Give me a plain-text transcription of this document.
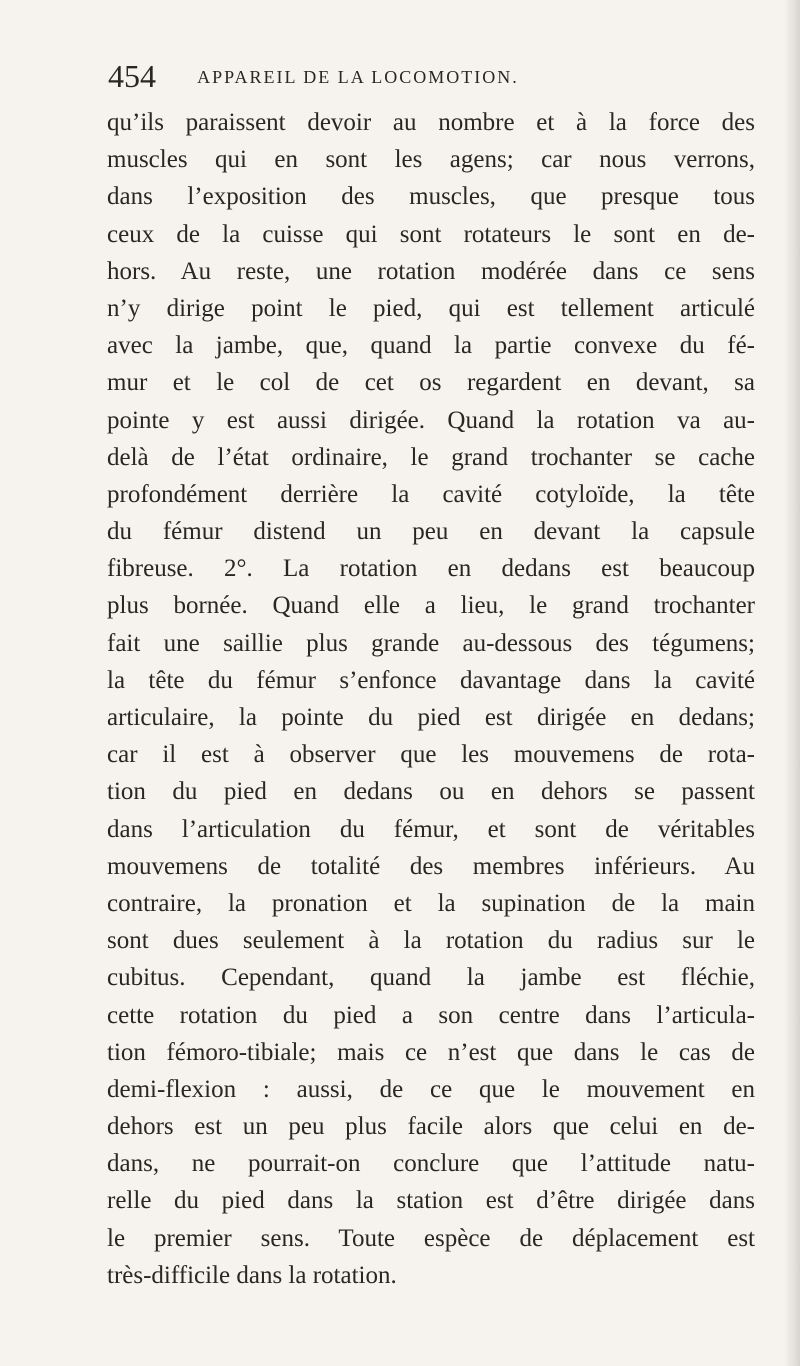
454 APPAREIL DE LA LOCOMOTION.
qu’ils paraissent devoir au nombre et à la force des
muscles qui en sont les agens; car nous verrons,
dans l’exposition des muscles, que presque tous
ceux de la cuisse qui sont rotateurs le sont en de-
hors. Au reste, une rotation modérée dans ce sens
n’y dirige point le pied, qui est tellement articulé
avec la jambe, que, quand la partie convexe du fé-
mur et le col de cet os regardent en devant, sa
pointe y est aussi dirigée. Quand la rotation va au-
delà de l’état ordinaire, le grand trochanter se cache
profondément derrière la cavité cotyloïde, la tête
du fémur distend un peu en devant la capsule
fibreuse. 2°. La rotation en dedans est beaucoup
plus bornée. Quand elle a lieu, le grand trochanter
fait une saillie plus grande au-dessous des tégumens;
la tête du fémur s’enfonce davantage dans la cavité
articulaire, la pointe du pied est dirigée en dedans;
car il est à observer que les mouvemens de rota-
tion du pied en dedans ou en dehors se passent
dans l’articulation du fémur, et sont de véritables
mouvemens de totalité des membres inférieurs. Au
contraire, la pronation et la supination de la main
sont dues seulement à la rotation du radius sur le
cubitus. Cependant, quand la jambe est fléchie,
cette rotation du pied a son centre dans l’articula-
tion fémoro-tibiale; mais ce n’est que dans le cas de
demi-flexion : aussi, de ce que le mouvement en
dehors est un peu plus facile alors que celui en de-
dans, ne pourrait-on conclure que l’attitude natu-
relle du pied dans la station est d’être dirigée dans
le premier sens. Toute espèce de déplacement est
très-difficile dans la rotation.
